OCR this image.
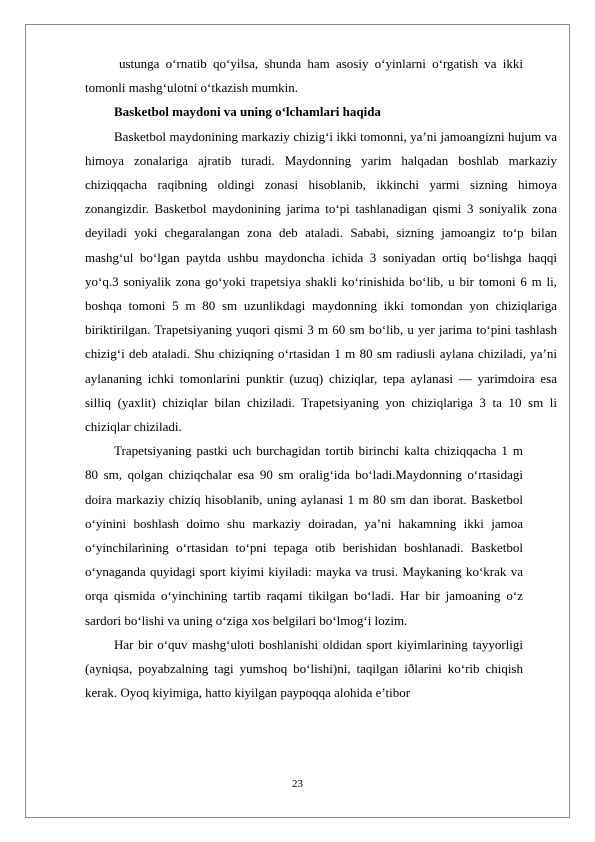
ustunga o‘rnatib qo‘yilsa, shunda ham asosiy o‘yinlarni o‘rgatish va ikki tomonli mashg‘ulotni o‘tkazish mumkin.

Basketbol maydoni va uning o‘lchamlari haqida

Basketbol maydonining markaziy chizig‘i ikki tomonni, ya’ni jamoangizni hujum va himoya zonalariga ajratib turadi. Maydonning yarim halqadan boshlab markaziy chiziqqacha raqibning oldingi zonasi hisoblanib, ikkinchi yarmi sizning himoya zonangizdir. Basketbol maydonining jarima to‘pi tashlanadigan qismi 3 soniyalik zona deyiladi yoki chegaralangan zona deb ataladi. Sababi, sizning jamoangiz to‘p bilan mashg‘ul bo‘lgan paytda ushbu maydoncha ichida 3 soniyadan ortiq bo‘lishga haqqi yo‘q.3 soniyalik zona go‘yoki trapetsiya shakli ko‘rinishida bo‘lib, u bir tomoni 6 m li, boshqa tomoni 5 m 80 sm uzunlikdagi maydonning ikki tomondan yon chiziqlariga biriktirilgan. Trapetsiyaning yuqori qismi 3 m 60 sm bo‘lib, u yer jarima to‘pini tashlash chizig‘i deb ataladi. Shu chiziqning o‘rtasidan 1 m 80 sm radiusli aylana chiziladi, ya’ni aylananing ichki tomonlarini punktir (uzuq) chiziqlar, tepa aylanasi — yarimdoira esa silliq (yaxlit) chiziqlar bilan chiziladi. Trapetsiyaning yon chiziqlariga 3 ta 10 sm li chiziqlar chiziladi.

Trapetsiyaning pastki uch burchagidan tortib birinchi kalta chiziqqacha 1 m 80 sm, qolgan chiziqchalar esa 90 sm oralig‘ida bo‘ladi.Maydonning o‘rtasidagi doira markaziy chiziq hisoblanib, uning aylanasi 1 m 80 sm dan iborat. Basketbol o‘yinini boshlash doimo shu markaziy doiradan, ya’ni hakamning ikki jamoa o‘yinchilarining o‘rtasidan to‘pni tepaga otib berishidan boshlanadi. Basketbol o‘ynaganda quyidagi sport kiyimi kiyiladi: mayka va trusi. Maykaning ko‘krak va orqa qismida o‘yinchining tartib raqami tikilgan bo‘ladi. Har bir jamoaning o‘z sardori bo‘lishi va uning o‘ziga xos belgilari bo‘lmog‘i lozim.

Har bir o‘quv mashg‘uloti boshlanishi oldidan sport kiyimlarining tayyorligi (ayniqsa, poyabzalning tagi yumshoq bo‘lishi)ni, taqilgan iðlarini ko‘rib chiqish kerak. Oyoq kiyimiga, hatto kiyilgan paypoqqa alohida e’tibor

23
